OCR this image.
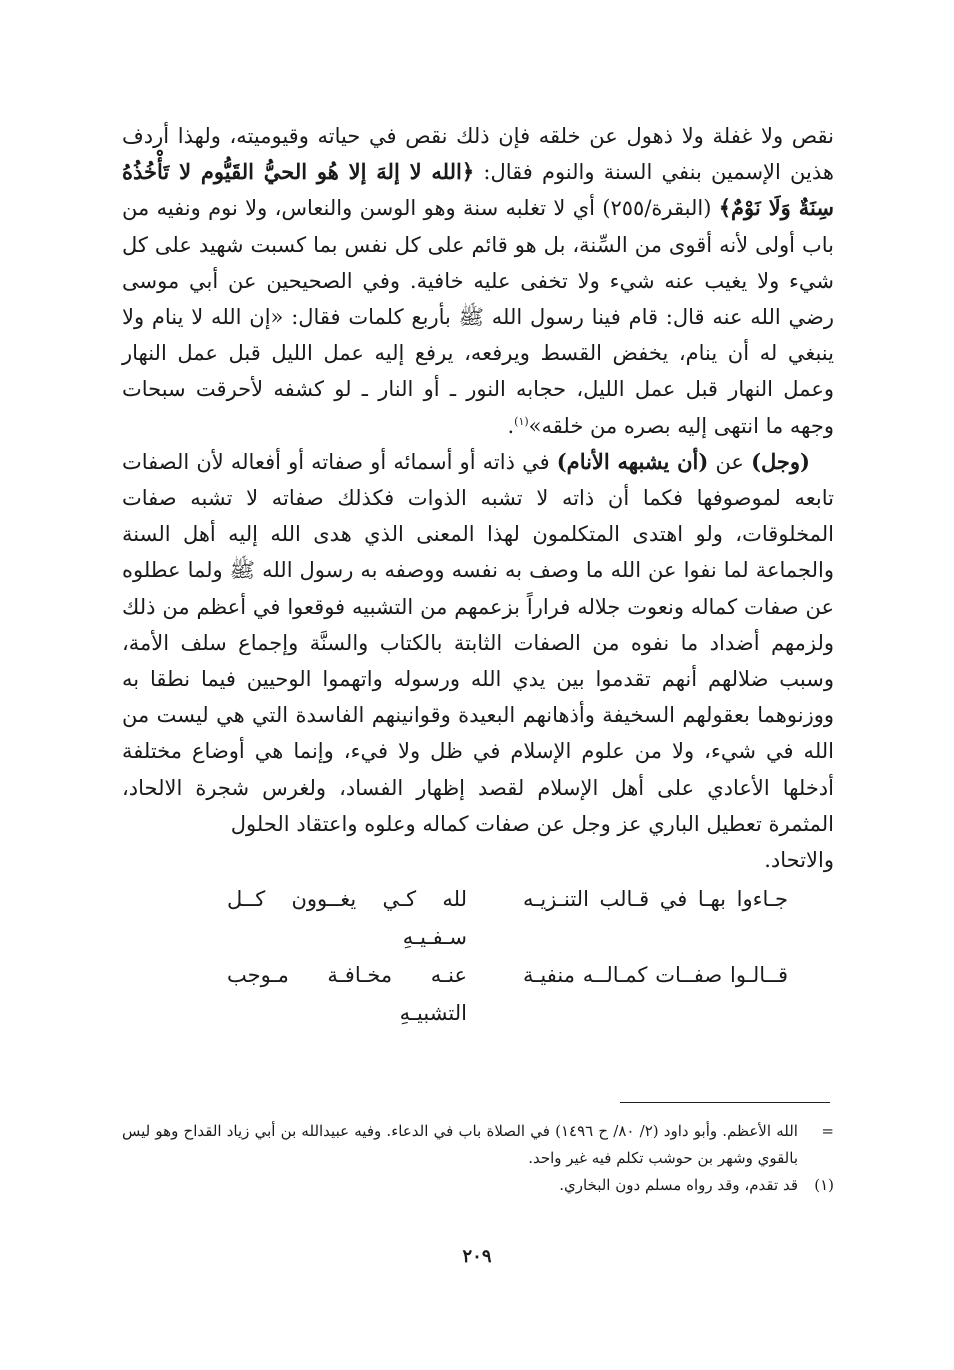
نقص ولا غفلة ولا ذهول عن خلقه فإن ذلك نقص في حياته وقيوميته، ولهذا أردف هذين الإسمين بنفي السنة والنوم فقال: ﴿الله لا إلهَ إلا هُو الحيُّ القَيُّوم لا تَأْخُذُهُ سِنَةٌ وَلَا نَوْمٌ﴾ (البقرة/٢٥٥) أي لا تغلبه سنة وهو الوسن والنعاس، ولا نوم ونفيه من باب أولى لأنه أقوى من السِّنة، بل هو قائم على كل نفس بما كسبت شهيد على كل شيء ولا يغيب عنه شيء ولا تخفى عليه خافية. وفي الصحيحين عن أبي موسى رضي الله عنه قال: قام فينا رسول الله ﷺ بأربع كلمات فقال: «إن الله لا ينام ولا ينبغي له أن ينام، يخفض القسط ويرفعه، يرفع إليه عمل الليل قبل عمل النهار وعمل النهار قبل عمل الليل، حجابه النور ـ أو النار ـ لو كشفه لأحرقت سبحات وجهه ما انتهى إليه بصره من خلقه»$^{(١)}$.

(وجل) عن (أن يشبهه الأنام) في ذاته أو أسمائه أو صفاته أو أفعاله لأن الصفات تابعه لموصوفها فكما أن ذاته لا تشبه الذوات فكذلك صفاته لا تشبه صفات المخلوقات، ولو اهتدى المتكلمون لهذا المعنى الذي هدى الله إليه أهل السنة والجماعة لما نفوا عن الله ما وصف به نفسه ووصفه به رسول الله ﷺ ولما عطلوه عن صفات كماله ونعوت جلاله فراراً بزعمهم من التشبيه فوقعوا في أعظم من ذلك ولزمهم أضداد ما نفوه من الصفات الثابتة بالكتاب والسنَّة وإجماع سلف الأمة، وسبب ضلالهم أنهم تقدموا بين يدي الله ورسوله واتهموا الوحيين فيما نطقا به ووزنوهما بعقولهم السخيفة وأذهانهم البعيدة وقوانينهم الفاسدة التي هي ليست من الله في شيء، ولا من علوم الإسلام في ظل ولا فيء، وإنما هي أوضاع مختلفة أدخلها الأعادي على أهل الإسلام لقصد إظهار الفساد، ولغرس شجرة الالحاد، المثمرة تعطيل الباري عز وجل عن صفات كماله وعلوه واعتقاد الحلول

والاتحاد.

جـاءوا بهـا في قـالب التنـزيـه
لله كـي يغــوون كــل سـفـيـهِ
قــالـوا صفــات كمـالــه منفيـة
عنـه مخـافـة مـوجب التشبيـهِ
=
الله الأعظم. وأبو داود (٢/ ٨٠/ ح ١٤٩٦) في الصلاة باب في الدعاء. وفيه عبيدالله بن أبي زياد القداح وهو ليس بالقوي وشهر بن حوشب تكلم فيه غير واحد.
(١)
قد تقدم، وقد رواه مسلم دون البخاري.
٢٠٩
